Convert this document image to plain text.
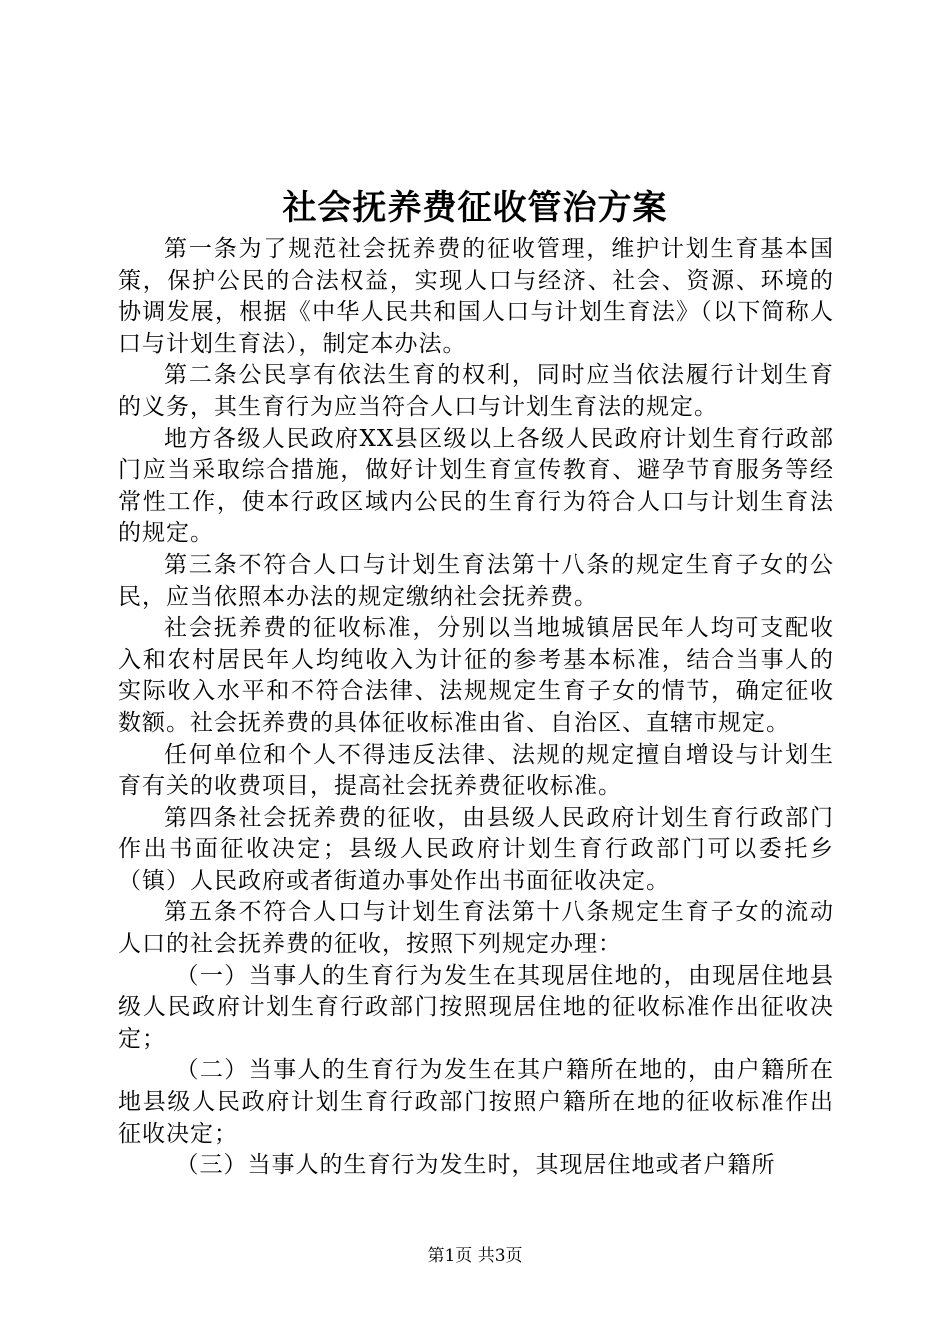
社会抚养费征收管治方案

第一条为了规范社会抚养费的征收管理，维护计划生育基本国策，保护公民的合法权益，实现人口与经济、社会、资源、环境的协调发展，根据《中华人民共和国人口与计划生育法》（以下简称人口与计划生育法），制定本办法。

第二条公民享有依法生育的权利，同时应当依法履行计划生育的义务，其生育行为应当符合人口与计划生育法的规定。

地方各级人民政府XX县区级以上各级人民政府计划生育行政部门应当采取综合措施，做好计划生育宣传教育、避孕节育服务等经常性工作，使本行政区域内公民的生育行为符合人口与计划生育法的规定。

第三条不符合人口与计划生育法第十八条的规定生育子女的公民，应当依照本办法的规定缴纳社会抚养费。

社会抚养费的征收标准，分别以当地城镇居民年人均可支配收入和农村居民年人均纯收入为计征的参考基本标准，结合当事人的实际收入水平和不符合法律、法规规定生育子女的情节，确定征收数额。社会抚养费的具体征收标准由省、自治区、直辖市规定。

任何单位和个人不得违反法律、法规的规定擅自增设与计划生育有关的收费项目，提高社会抚养费征收标准。

第四条社会抚养费的征收，由县级人民政府计划生育行政部门作出书面征收决定；县级人民政府计划生育行政部门可以委托乡（镇）人民政府或者街道办事处作出书面征收决定。

第五条不符合人口与计划生育法第十八条规定生育子女的流动人口的社会抚养费的征收，按照下列规定办理：

（一）当事人的生育行为发生在其现居住地的，由现居住地县级人民政府计划生育行政部门按照现居住地的征收标准作出征收决定；

（二）当事人的生育行为发生在其户籍所在地的，由户籍所在地县级人民政府计划生育行政部门按照户籍所在地的征收标准作出征收决定；

（三）当事人的生育行为发生时，其现居住地或者户籍所

第1页 共3页
